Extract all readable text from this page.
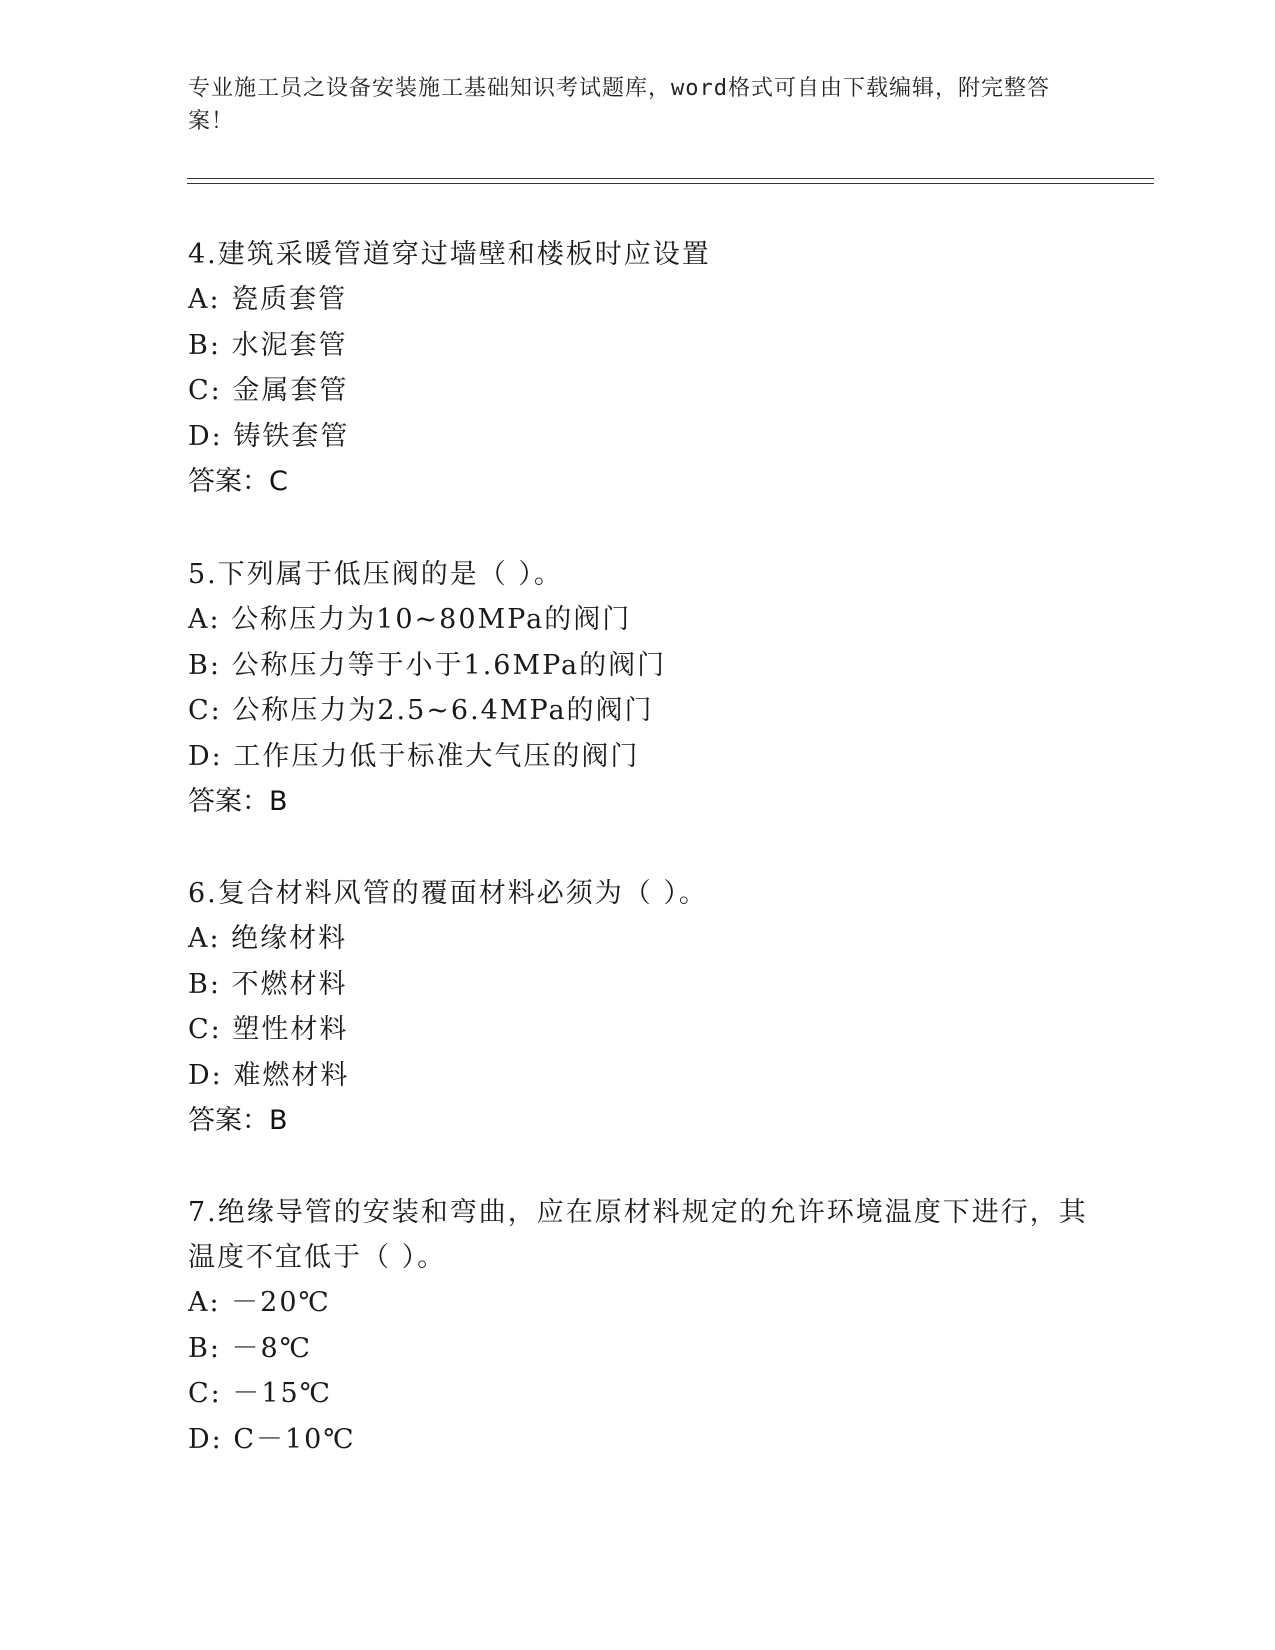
专业施工员之设备安装施工基础知识考试题库，word格式可自由下载编辑，附完整答案！
4.建筑采暖管道穿过墙壁和楼板时应设置
A: 瓷质套管
B: 水泥套管
C: 金属套管
D: 铸铁套管
答案：C
5.下列属于低压阀的是（ ）。
A: 公称压力为10~80MPa的阀门
B: 公称压力等于小于1.6MPa的阀门
C: 公称压力为2.5~6.4MPa的阀门
D: 工作压力低于标准大气压的阀门
答案：B
6.复合材料风管的覆面材料必须为（ ）。
A: 绝缘材料
B: 不燃材料
C: 塑性材料
D: 难燃材料
答案：B
7.绝缘导管的安装和弯曲，应在原材料规定的允许环境温度下进行，其温度不宜低于（ ）。
A: －20℃
B: －8℃
C: －15℃
D: C－10℃
